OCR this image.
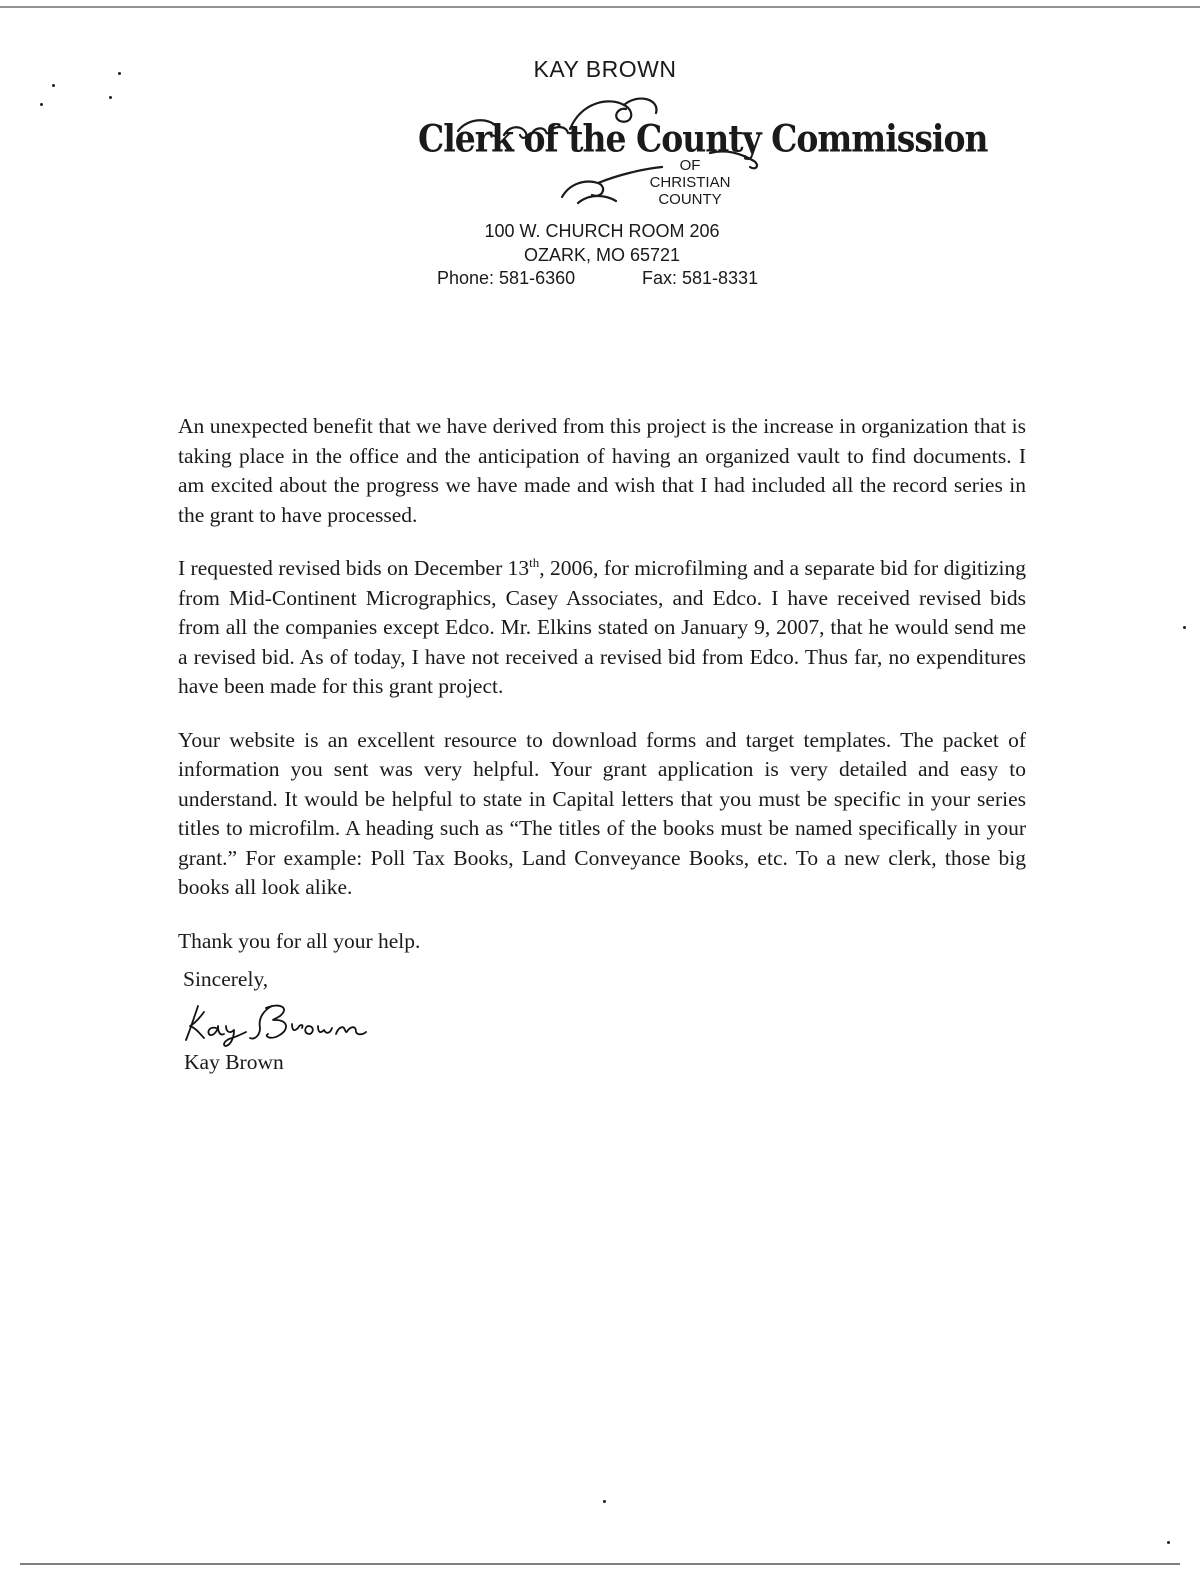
KAY BROWN
Clerk of the County Commission
OF
CHRISTIAN
COUNTY
100 W. CHURCH ROOM 206
OZARK, MO 65721
Phone: 581-6360	Fax: 581-8331

An unexpected benefit that we have derived from this project is the increase in organization that is taking place in the office and the anticipation of having an organized vault to find documents. I am excited about the progress we have made and wish that I had included all the record series in the grant to have processed.

I requested revised bids on December 13th, 2006, for microfilming and a separate bid for digitizing from Mid-Continent Micrographics, Casey Associates, and Edco. I have received revised bids from all the companies except Edco. Mr. Elkins stated on January 9, 2007, that he would send me a revised bid. As of today, I have not received a revised bid from Edco. Thus far, no expenditures have been made for this grant project.

Your website is an excellent resource to download forms and target templates. The packet of information you sent was very helpful. Your grant application is very detailed and easy to understand. It would be helpful to state in Capital letters that you must be specific in your series titles to microfilm. A heading such as “The titles of the books must be named specifically in your grant.” For example: Poll Tax Books, Land Conveyance Books, etc. To a new clerk, those big books all look alike.

Thank you for all your help.

Sincerely,
Kay Brown
